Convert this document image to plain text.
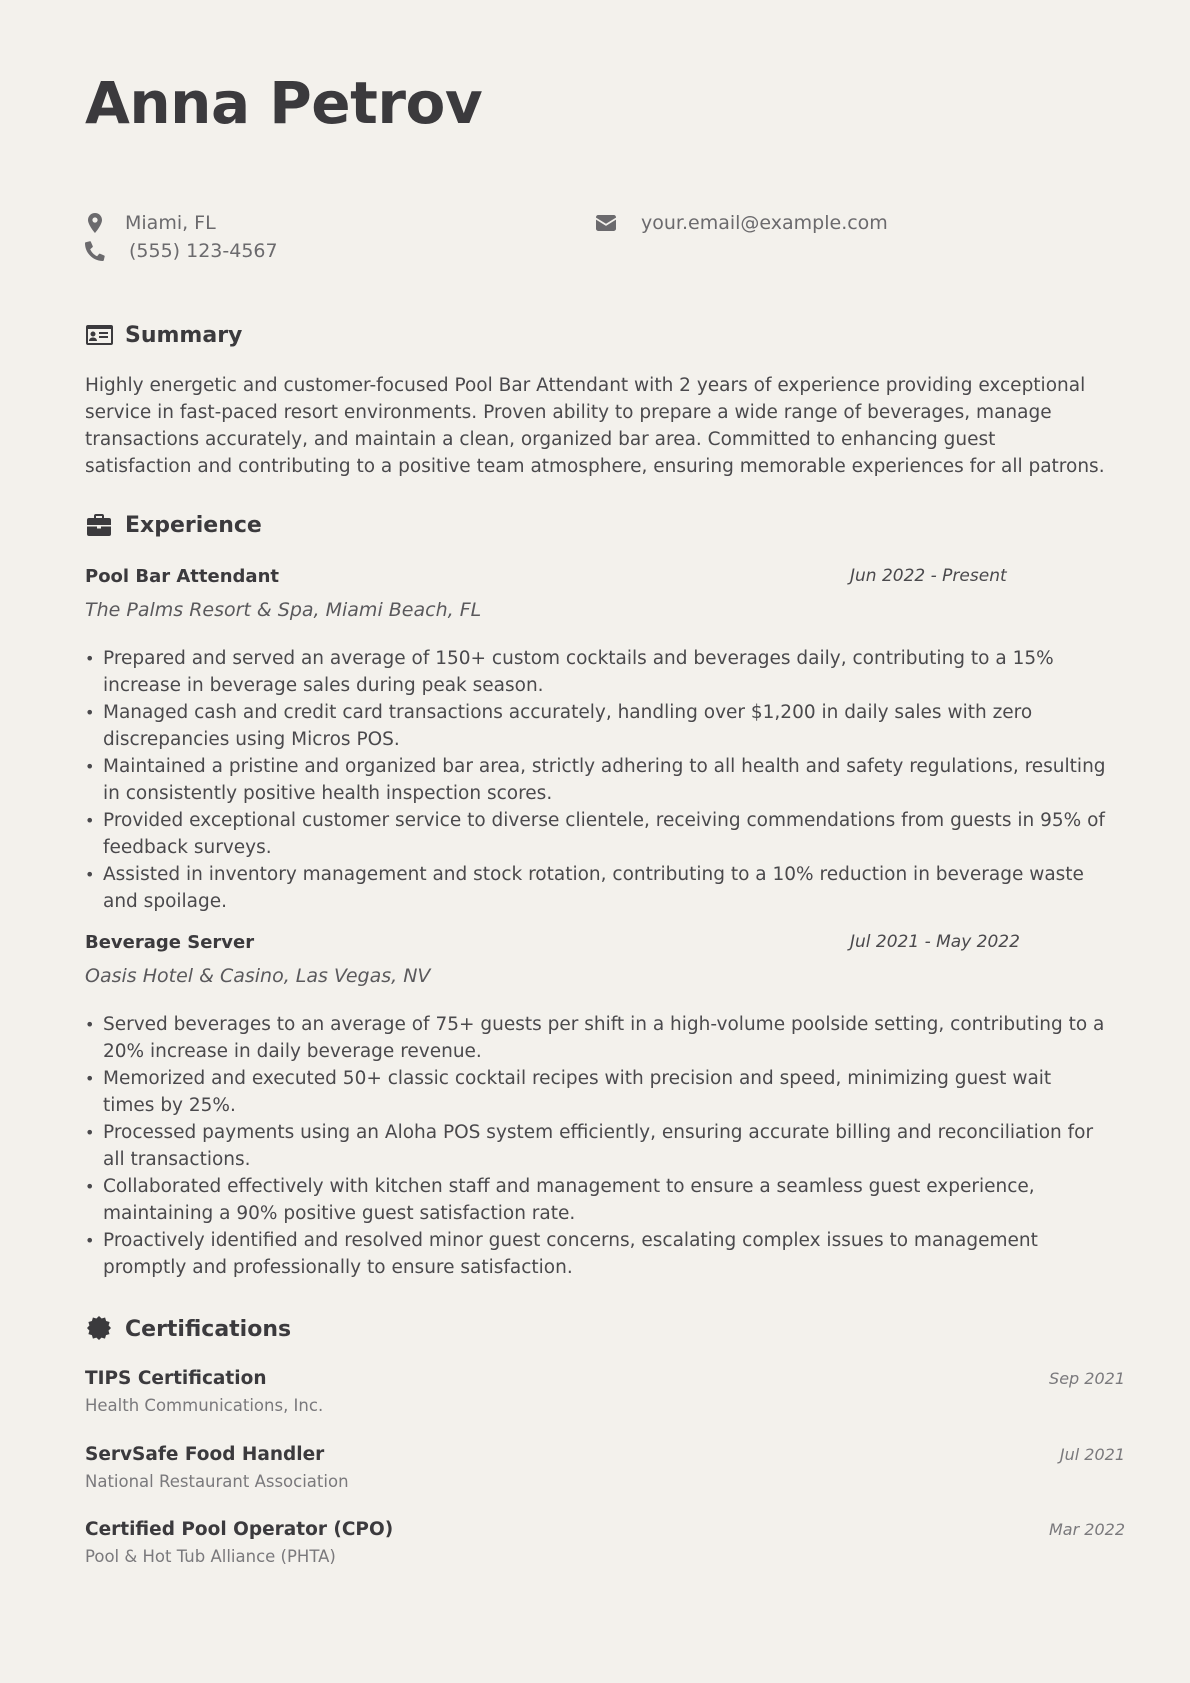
Anna Petrov
Miami, FL	your.email@example.com
(555) 123-4567
Summary

Highly energetic and customer-focused Pool Bar Attendant with 2 years of experience providing exceptional service in fast-paced resort environments. Proven ability to prepare a wide range of beverages, manage transactions accurately, and maintain a clean, organized bar area. Committed to enhancing guest satisfaction and contributing to a positive team atmosphere, ensuring memorable experiences for all patrons.

Experience
Pool Bar Attendant	Jun 2022 - Present
The Palms Resort & Spa, Miami Beach, FL
• Prepared and served an average of 150+ custom cocktails and beverages daily, contributing to a 15% increase in beverage sales during peak season.
• Managed cash and credit card transactions accurately, handling over $1,200 in daily sales with zero discrepancies using Micros POS.
• Maintained a pristine and organized bar area, strictly adhering to all health and safety regulations, resulting in consistently positive health inspection scores.
• Provided exceptional customer service to diverse clientele, receiving commendations from guests in 95% of feedback surveys.
• Assisted in inventory management and stock rotation, contributing to a 10% reduction in beverage waste and spoilage.
Beverage Server	Jul 2021 - May 2022
Oasis Hotel & Casino, Las Vegas, NV
• Served beverages to an average of 75+ guests per shift in a high-volume poolside setting, contributing to a 20% increase in daily beverage revenue.
• Memorized and executed 50+ classic cocktail recipes with precision and speed, minimizing guest wait times by 25%.
• Processed payments using an Aloha POS system efficiently, ensuring accurate billing and reconciliation for all transactions.
• Collaborated effectively with kitchen staff and management to ensure a seamless guest experience, maintaining a 90% positive guest satisfaction rate.
• Proactively identified and resolved minor guest concerns, escalating complex issues to management promptly and professionally to ensure satisfaction.
Certifications
TIPS Certification	Sep 2021
Health Communications, Inc.
ServSafe Food Handler	Jul 2021
National Restaurant Association
Certified Pool Operator (CPO)	Mar 2022
Pool & Hot Tub Alliance (PHTA)
